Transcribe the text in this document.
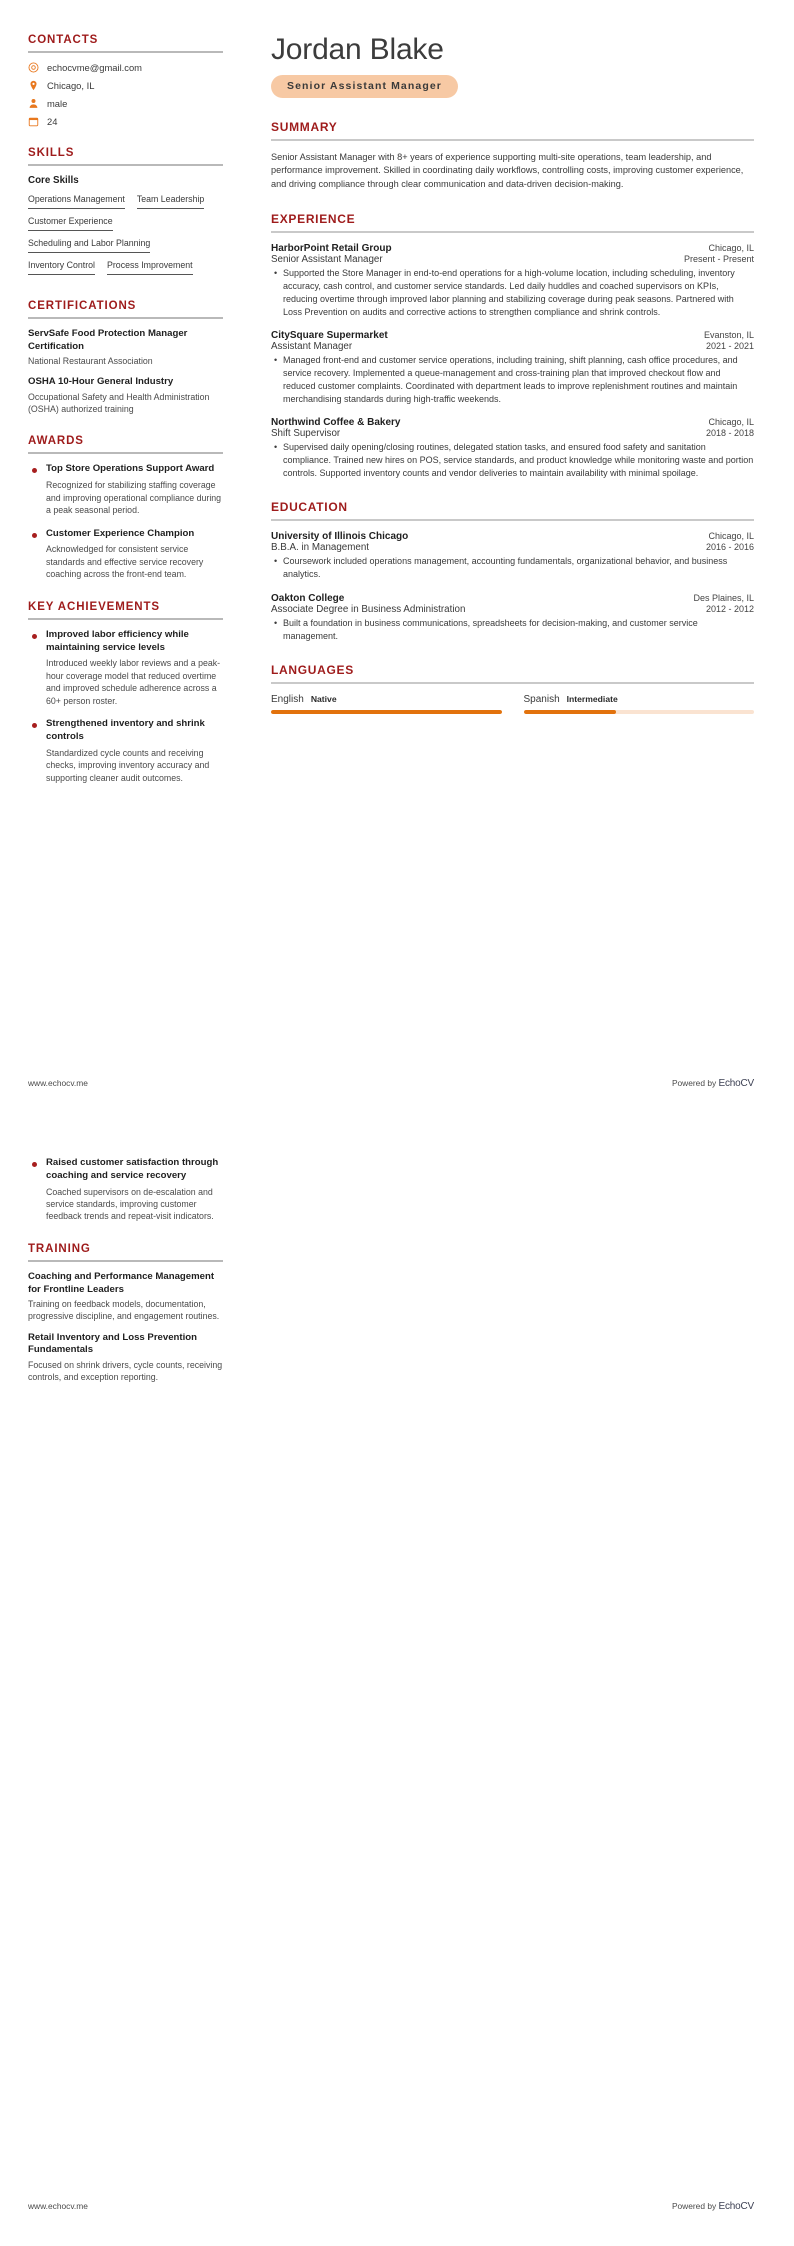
CONTACTS
echocvme@gmail.com
Chicago, IL
male
24
SKILLS
Core Skills
Operations Management Team Leadership
Customer Experience
Scheduling and Labor Planning
Inventory Control Process Improvement
CERTIFICATIONS
ServSafe Food Protection Manager Certification
National Restaurant Association
OSHA 10-Hour General Industry
Occupational Safety and Health Administration (OSHA) authorized training
AWARDS
Top Store Operations Support Award
Recognized for stabilizing staffing coverage and improving operational compliance during a peak seasonal period.
Customer Experience Champion
Acknowledged for consistent service standards and effective service recovery coaching across the front-end team.
KEY ACHIEVEMENTS
Improved labor efficiency while maintaining service levels
Introduced weekly labor reviews and a peak-hour coverage model that reduced overtime and improved schedule adherence across a 60+ person roster.
Strengthened inventory and shrink controls
Standardized cycle counts and receiving checks, improving inventory accuracy and supporting cleaner audit outcomes.
Jordan Blake
Senior Assistant Manager
SUMMARY
Senior Assistant Manager with 8+ years of experience supporting multi-site operations, team leadership, and performance improvement. Skilled in coordinating daily workflows, controlling costs, improving customer experience, and driving compliance through clear communication and data-driven decision-making.
EXPERIENCE
HarborPoint Retail Group	Chicago, IL
Senior Assistant Manager	Present - Present
• Supported the Store Manager in end-to-end operations for a high-volume location, including scheduling, inventory accuracy, cash control, and customer service standards. Led daily huddles and coached supervisors on KPIs, reducing overtime through improved labor planning and stabilizing coverage during peak seasons. Partnered with Loss Prevention on audits and corrective actions to strengthen compliance and shrink controls.
CitySquare Supermarket	Evanston, IL
Assistant Manager	2021 - 2021
• Managed front-end and customer service operations, including training, shift planning, cash office procedures, and service recovery. Implemented a queue-management and cross-training plan that improved checkout flow and reduced customer complaints. Coordinated with department leads to improve replenishment routines and maintain merchandising standards during high-traffic weekends.
Northwind Coffee & Bakery	Chicago, IL
Shift Supervisor	2018 - 2018
• Supervised daily opening/closing routines, delegated station tasks, and ensured food safety and sanitation compliance. Trained new hires on POS, service standards, and product knowledge while monitoring waste and portion controls. Supported inventory counts and vendor deliveries to maintain availability with minimal spoilage.
EDUCATION
University of Illinois Chicago	Chicago, IL
B.B.A. in Management	2016 - 2016
• Coursework included operations management, accounting fundamentals, organizational behavior, and business analytics.
Oakton College	Des Plaines, IL
Associate Degree in Business Administration	2012 - 2012
• Built a foundation in business communications, spreadsheets for decision-making, and customer service management.
LANGUAGES
English Native	Spanish Intermediate
www.echocv.me	Powered by EchoCV
Raised customer satisfaction through coaching and service recovery
Coached supervisors on de-escalation and service standards, improving customer feedback trends and repeat-visit indicators.
TRAINING
Coaching and Performance Management for Frontline Leaders
Training on feedback models, documentation, progressive discipline, and engagement routines.
Retail Inventory and Loss Prevention Fundamentals
Focused on shrink drivers, cycle counts, receiving controls, and exception reporting.
www.echocv.me	Powered by EchoCV
